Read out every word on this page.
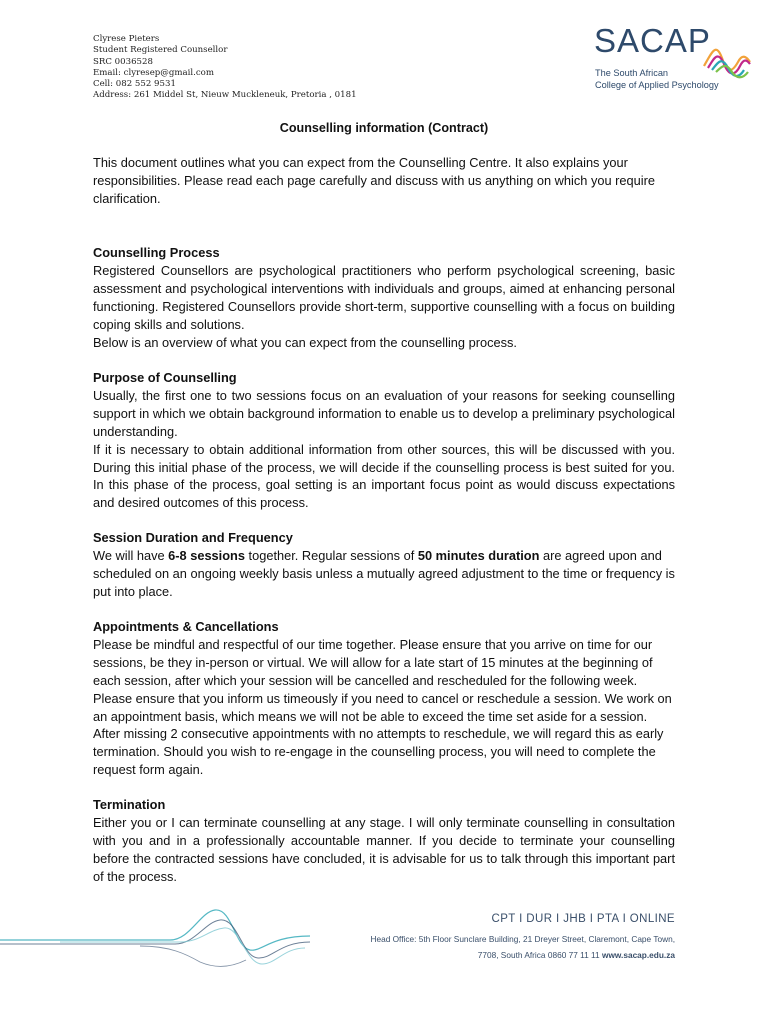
Clyrese Pieters
Student Registered Counsellor
SRC 0036528
Email: clyresep@gmail.com
Cell: 082 552 9531
Address: 261 Middel St, Nieuw Muckleneuk, Pretoria , 0181
SACAP
The South African
College of Applied Psychology
Counselling information (Contract)

This document outlines what you can expect from the Counselling Centre. It also explains your responsibilities. Please read each page carefully and discuss with us anything on which you require clarification.

Counselling Process

Registered Counsellors are psychological practitioners who perform psychological screening, basic assessment and psychological interventions with individuals and groups, aimed at enhancing personal functioning. Registered Counsellors provide short-term, supportive counselling with a focus on building coping skills and solutions.

Below is an overview of what you can expect from the counselling process.

Purpose of Counselling

Usually, the first one to two sessions focus on an evaluation of your reasons for seeking counselling support in which we obtain background information to enable us to develop a preliminary psychological understanding.

If it is necessary to obtain additional information from other sources, this will be discussed with you. During this initial phase of the process, we will decide if the counselling process is best suited for you. In this phase of the process, goal setting is an important focus point as would discuss expectations and desired outcomes of this process.

Session Duration and Frequency

We will have 6-8 sessions together. Regular sessions of 50 minutes duration are agreed upon and scheduled on an ongoing weekly basis unless a mutually agreed adjustment to the time or frequency is put into place.

Appointments & Cancellations

Please be mindful and respectful of our time together. Please ensure that you arrive on time for our sessions, be they in-person or virtual. We will allow for a late start of 15 minutes at the beginning of each session, after which your session will be cancelled and rescheduled for the following week. Please ensure that you inform us timeously if you need to cancel or reschedule a session. We work on an appointment basis, which means we will not be able to exceed the time set aside for a session. After missing 2 consecutive appointments with no attempts to reschedule, we will regard this as early termination. Should you wish to re-engage in the counselling process, you will need to complete the request form again.

Termination

Either you or I can terminate counselling at any stage. I will only terminate counselling in consultation with you and in a professionally accountable manner. If you decide to terminate your counselling before the contracted sessions have concluded, it is advisable for us to talk through this important part of the process.

CPT I DUR I JHB I PTA I ONLINE
Head Office: 5th Floor Sunclare Building, 21 Dreyer Street, Claremont, Cape Town,
7708, South Africa 0860 77 11 11 www.sacap.edu.za
